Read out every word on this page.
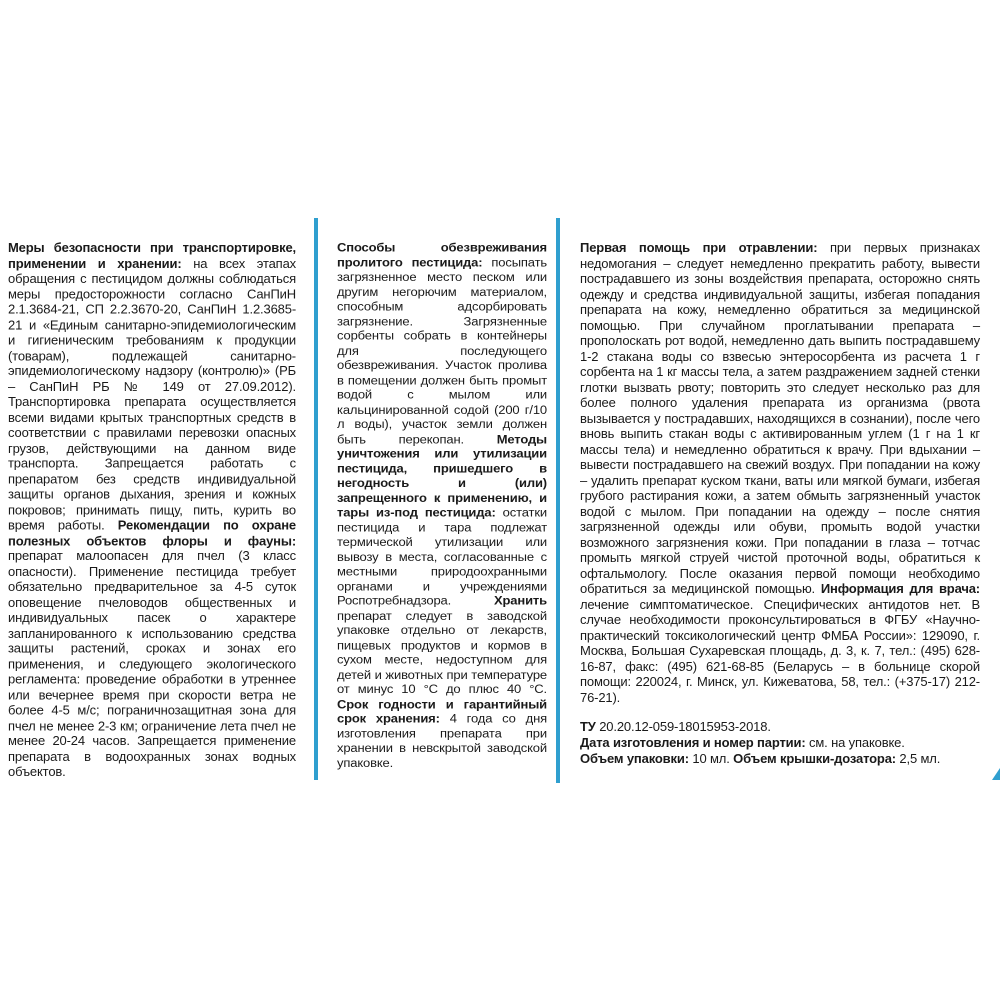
Меры безопасности при транспортировке, применении и хранении: на всех этапах обращения с пестицидом должны соблюдаться меры предосторожности согласно СанПиН 2.1.3684-21, СП 2.2.3670-20, СанПиН 1.2.3685-21 и «Единым санитарно-эпидемиологическим и гигиеническим требованиям к продукции (товарам), подлежащей санитарно-эпидемиологическому надзору (контролю)» (РБ – СанПиН РБ № 149 от 27.09.2012). Транспортировка препарата осуществляется всеми видами крытых транспортных средств в соответствии с правилами перевозки опасных грузов, действующими на данном виде транспорта. Запрещается работать с препаратом без средств индивидуальной защиты органов дыхания, зрения и кожных покровов; принимать пищу, пить, курить во время работы. Рекомендации по охране полезных объектов флоры и фауны: препарат малоопасен для пчел (3 класс опасности). Применение пестицида требует обязательно предварительное за 4-5 суток оповещение пчеловодов общественных и индивидуальных пасек о характере запланированного к использованию средства защиты растений, сроках и зонах его применения, и следующего экологического регламента: проведение обработки в утреннее или вечернее время при скорости ветра не более 4-5 м/с; пограничнозащитная зона для пчел не менее 2-3 км; ограничение лета пчел не менее 20-24 часов. Запрещается применение препарата в водоохранных зонах водных объектов.

Способы обезвреживания пролитого пестицида: посыпать загрязненное место песком или другим негорючим материалом, способным адсорбировать загрязнение. Загрязненные сорбенты собрать в контейнеры для последующего обезвреживания. Участок пролива в помещении должен быть промыт водой с мылом или кальцинированной содой (200 г/10 л воды), участок земли должен быть перекопан. Методы уничтожения или утилизации пестицида, пришедшего в негодность и (или) запрещенного к применению, и тары из-под пестицида: остатки пестицида и тара подлежат термической утилизации или вывозу в места, согласованные с местными природоохранными органами и учреждениями Роспотребнадзора. Хранить препарат следует в заводской упаковке отдельно от лекарств, пищевых продуктов и кормов в сухом месте, недоступном для детей и животных при температуре от минус 10 °C до плюс 40 °C. Срок годности и гарантийный срок хранения: 4 года со дня изготовления препарата при хранении в невскрытой заводской упаковке.

Первая помощь при отравлении: при первых признаках недомогания – следует немедленно прекратить работу, вывести пострадавшего из зоны воздействия препарата, осторожно снять одежду и средства индивидуальной защиты, избегая попадания препарата на кожу, немедленно обратиться за медицинской помощью. При случайном проглатывании препарата – прополоскать рот водой, немедленно дать выпить пострадавшему 1-2 стакана воды со взвесью энтеросорбента из расчета 1 г сорбента на 1 кг массы тела, а затем раздражением задней стенки глотки вызвать рвоту; повторить это следует несколько раз для более полного удаления препарата из организма (рвота вызывается у пострадавших, находящихся в сознании), после чего вновь выпить стакан воды с активированным углем (1 г на 1 кг массы тела) и немедленно обратиться к врачу. При вдыхании – вывести пострадавшего на свежий воздух. При попадании на кожу – удалить препарат куском ткани, ваты или мягкой бумаги, избегая грубого растирания кожи, а затем обмыть загрязненный участок водой с мылом. При попадании на одежду – после снятия загрязненной одежды или обуви, промыть водой участки возможного загрязнения кожи. При попадании в глаза – тотчас промыть мягкой струей чистой проточной воды, обратиться к офтальмологу. После оказания первой помощи необходимо обратиться за медицинской помощью. Информация для врача: лечение симптоматическое. Специфических антидотов нет. В случае необходимости проконсультироваться в ФГБУ «Научно-практический токсикологический центр ФМБА России»: 129090, г. Москва, Большая Сухаревская площадь, д. 3, к. 7, тел.: (495) 628-16-87, факс: (495) 621-68-85 (Беларусь – в больнице скорой помощи: 220024, г. Минск, ул. Кижеватова, 58, тел.: (+375-17) 212-76-21).

ТУ 20.20.12-059-18015953-2018.
Дата изготовления и номер партии: см. на упаковке.
Объем упаковки: 10 мл. Объем крышки-дозатора: 2,5 мл.
